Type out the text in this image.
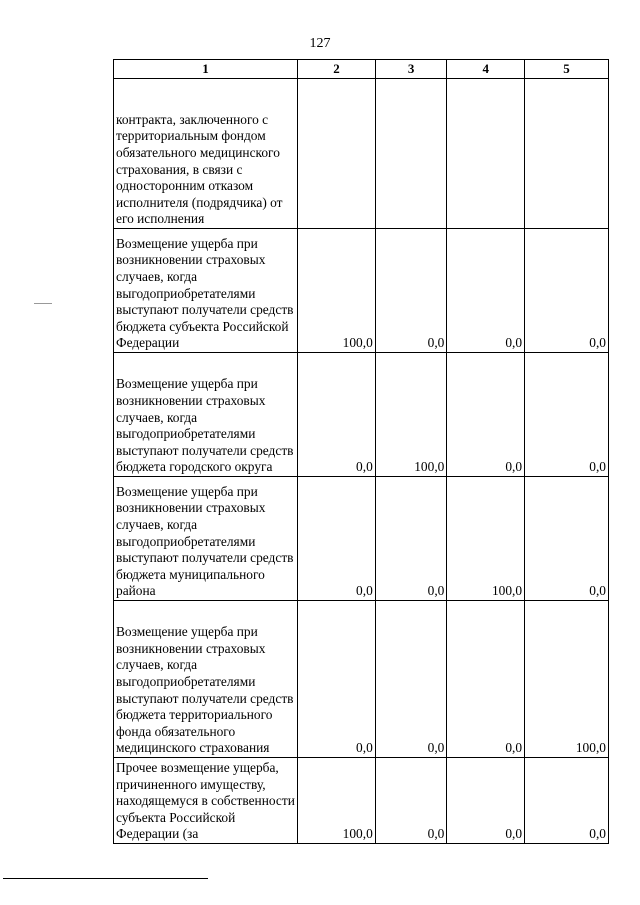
127
1	2	3	4	5
контракта, заключенного с территориальным фондом обязательного медицинского страхования, в связи с односторонним отказом исполнителя (подрядчика) от его исполнения				
Возмещение ущерба при возникновении страховых случаев, когда выгодоприобретателями выступают получатели средств бюджета субъекта Российской Федерации	100,0	0,0	0,0	0,0
Возмещение ущерба при возникновении страховых случаев, когда выгодоприобретателями выступают получатели средств бюджета городского округа	0,0	100,0	0,0	0,0
Возмещение ущерба при возникновении страховых случаев, когда выгодоприобретателями выступают получатели средств бюджета муниципального района	0,0	0,0	100,0	0,0
Возмещение ущерба при возникновении страховых случаев, когда выгодоприобретателями выступают получатели средств бюджета территориального фонда обязательного медицинского страхования	0,0	0,0	0,0	100,0
Прочее возмещение ущерба, причиненного имуществу, находящемуся в собственности субъекта Российской Федерации (за	100,0	0,0	0,0	0,0
